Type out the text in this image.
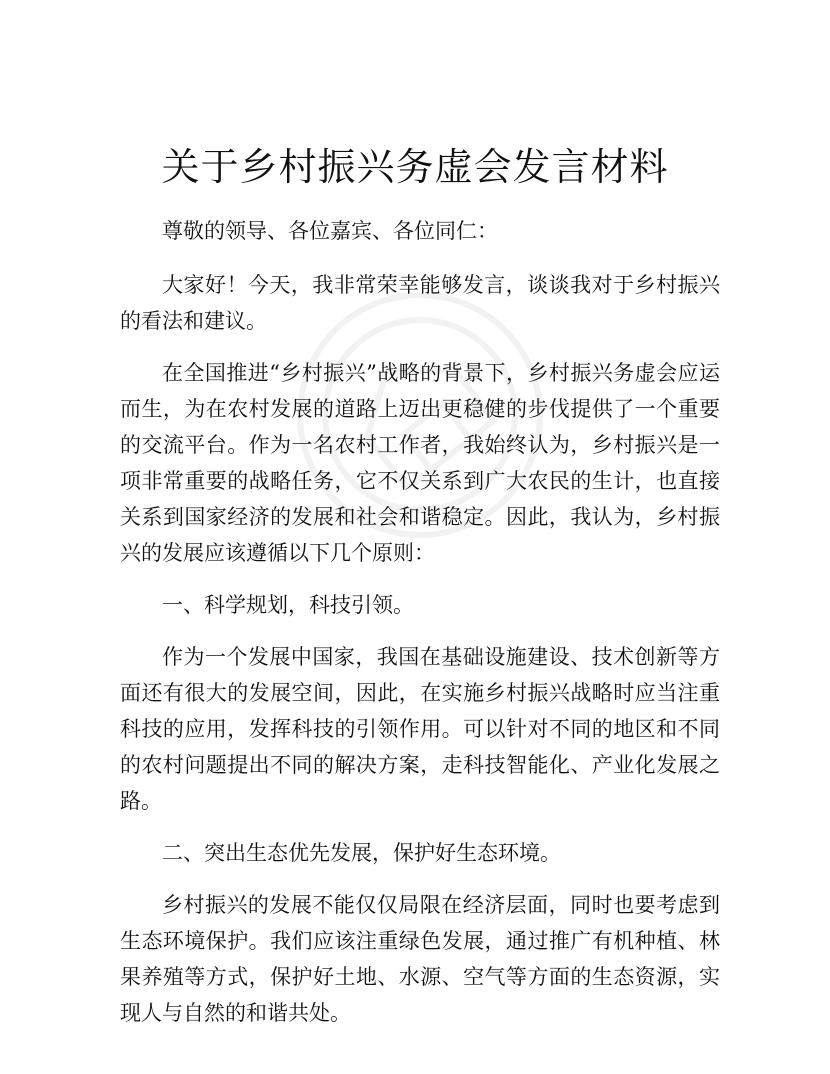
关于乡村振兴务虚会发言材料

尊敬的领导、各位嘉宾、各位同仁：

大家好！今天，我非常荣幸能够发言，谈谈我对于乡村振兴的看法和建议。

在全国推进“乡村振兴”战略的背景下，乡村振兴务虚会应运而生，为在农村发展的道路上迈出更稳健的步伐提供了一个重要的交流平台。作为一名农村工作者，我始终认为，乡村振兴是一项非常重要的战略任务，它不仅关系到广大农民的生计，也直接关系到国家经济的发展和社会和谐稳定。因此，我认为，乡村振兴的发展应该遵循以下几个原则：

一、科学规划，科技引领。

作为一个发展中国家，我国在基础设施建设、技术创新等方面还有很大的发展空间，因此，在实施乡村振兴战略时应当注重科技的应用，发挥科技的引领作用。可以针对不同的地区和不同的农村问题提出不同的解决方案，走科技智能化、产业化发展之路。

二、突出生态优先发展，保护好生态环境。

乡村振兴的发展不能仅仅局限在经济层面，同时也要考虑到生态环境保护。我们应该注重绿色发展，通过推广有机种植、林果养殖等方式，保护好土地、水源、空气等方面的生态资源，实现人与自然的和谐共处。
